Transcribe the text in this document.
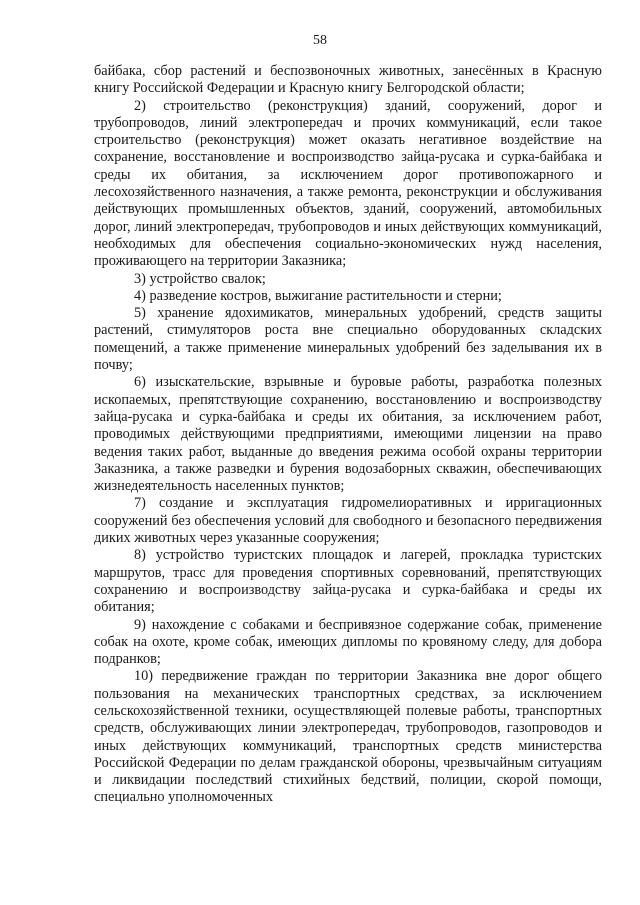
58

байбака, сбор растений и беспозвоночных животных, занесённых в Красную книгу Российской Федерации и Красную книгу Белгородской области;

2) строительство (реконструкция) зданий, сооружений, дорог и трубопроводов, линий электропередач и прочих коммуникаций, если такое строительство (реконструкция) может оказать негативное воздействие на сохранение, восстановление и воспроизводство зайца-русака и сурка-байбака и среды их обитания, за исключением дорог противопожарного и лесохозяйственного назначения, а также ремонта, реконструкции и обслуживания действующих промышленных объектов, зданий, сооружений, автомобильных дорог, линий электропередач, трубопроводов и иных действующих коммуникаций, необходимых для обеспечения социально-экономических нужд населения, проживающего на территории Заказника;

3) устройство свалок;

4) разведение костров, выжигание растительности и стерни;

5) хранение ядохимикатов, минеральных удобрений, средств защиты растений, стимуляторов роста вне специально оборудованных складских помещений, а также применение минеральных удобрений без заделывания их в почву;

6) изыскательские, взрывные и буровые работы, разработка полезных ископаемых, препятствующие сохранению, восстановлению и воспроизводству зайца-русака и сурка-байбака и среды их обитания, за исключением работ, проводимых действующими предприятиями, имеющими лицензии на право ведения таких работ, выданные до введения режима особой охраны территории Заказника, а также разведки и бурения водозаборных скважин, обеспечивающих жизнедеятельность населенных пунктов;

7) создание и эксплуатация гидромелиоративных и ирригационных сооружений без обеспечения условий для свободного и безопасного передвижения диких животных через указанные сооружения;

8) устройство туристских площадок и лагерей, прокладка туристских маршрутов, трасс для проведения спортивных соревнований, препятствующих сохранению и воспроизводству зайца-русака и сурка-байбака и среды их обитания;

9) нахождение с собаками и беспривязное содержание собак, применение собак на охоте, кроме собак, имеющих дипломы по кровяному следу, для добора подранков;

10) передвижение граждан по территории Заказника вне дорог общего пользования на механических транспортных средствах, за исключением сельскохозяйственной техники, осуществляющей полевые работы, транспортных средств, обслуживающих линии электропередач, трубопроводов, газопроводов и иных действующих коммуникаций, транспортных средств министерства Российской Федерации по делам гражданской обороны, чрезвычайным ситуациям и ликвидации последствий стихийных бедствий, полиции, скорой помощи, специально уполномоченных
